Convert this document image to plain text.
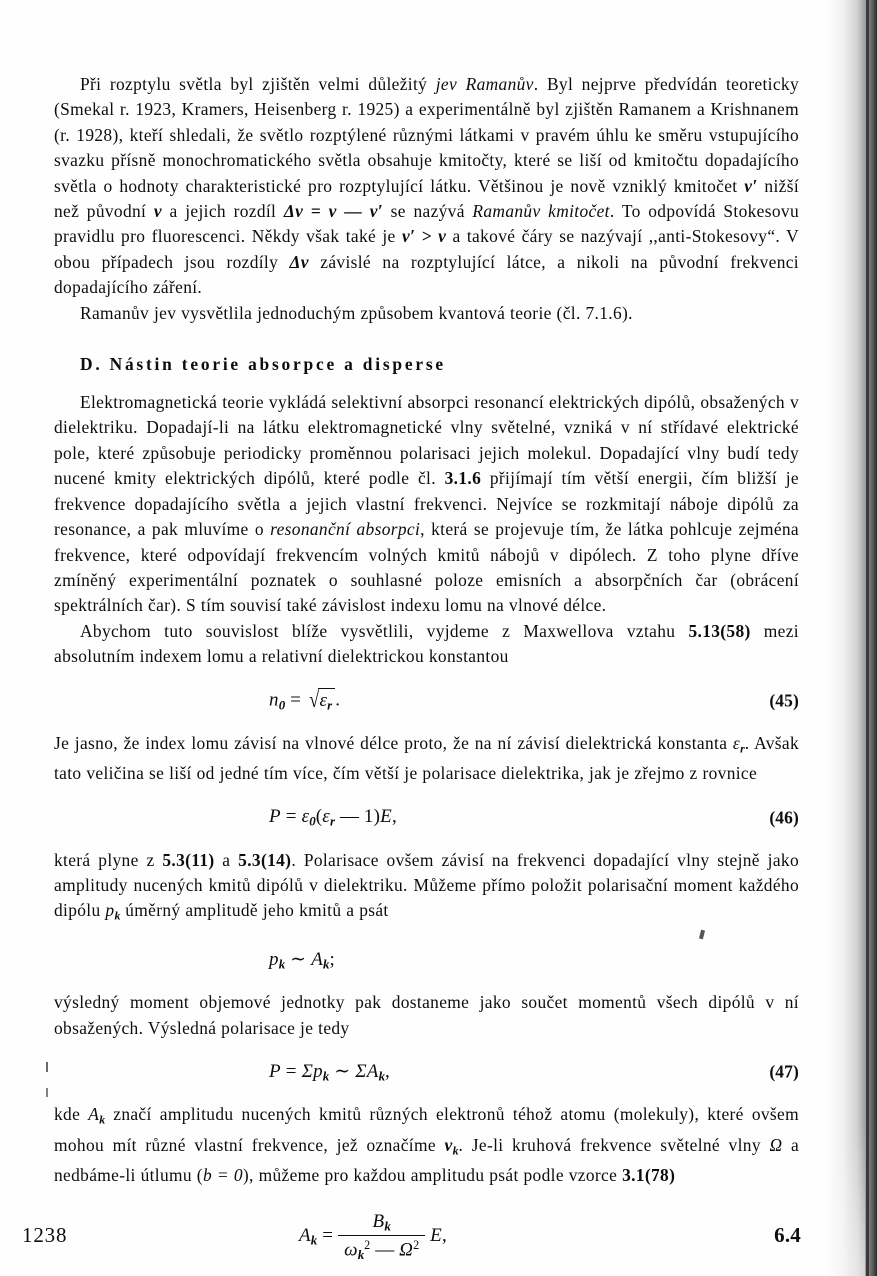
Při rozptylu světla byl zjištěn velmi důležitý jev Ramanův. Byl nejprve předvídán teoreticky (Smekal r. 1923, Kramers, Heisenberg r. 1925) a experimentálně byl zjištěn Ramanem a Krishnanem (r. 1928), kteří shledali, že světlo rozptýlené různými látkami v pravém úhlu ke směru vstupujícího svazku přísně monochromatického světla obsahuje kmitočty, které se liší od kmitočtu dopadajícího světla o hodnoty charakteristické pro rozptylující látku. Většinou je nově vzniklý kmitočet ν′ nižší než původní ν a jejich rozdíl Δν = ν — ν′ se nazývá Ramanův kmitočet. To odpovídá Stokesovu pravidlu pro fluorescenci. Někdy však také je ν′ > ν a takové čáry se nazývají ,,anti-Stokesovy“. V obou případech jsou rozdíly Δν závislé na rozptylující látce, a nikoli na původní frekvenci dopadajícího záření.

Ramanův jev vysvětlila jednoduchým způsobem kvantová teorie (čl. 7.1.6).

D. Nástin teorie absorpce a disperse

Elektromagnetická teorie vykládá selektivní absorpci resonancí elektrických dipólů, obsažených v dielektriku. Dopadají-li na látku elektromagnetické vlny světelné, vzniká v ní střídavé elektrické pole, které způsobuje periodicky proměnnou polarisaci jejich molekul. Dopadající vlny budí tedy nucené kmity elektrických dipólů, které podle čl. 3.1.6 přijímají tím větší energii, čím bližší je frekvence dopadajícího světla a jejich vlastní frekvenci. Nejvíce se rozkmitají náboje dipólů za resonance, a pak mluvíme o resonanční absorpci, která se projevuje tím, že látka pohlcuje zejména frekvence, které odpovídají frekvencím volných kmitů nábojů v dipólech. Z toho plyne dříve zmíněný experimentální poznatek o souhlasné poloze emisních a absorpčních čar (obrácení spektrálních čar). S tím souvisí také závislost indexu lomu na vlnové délce.

Abychom tuto souvislost blíže vysvětlili, vyjdeme z Maxwellova vztahu 5.13(58) mezi absolutním indexem lomu a relativní dielektrickou konstantou

$n_0 = √\varepsilon_r$ .	(45)

Je jasno, že index lomu závisí na vlnové délce proto, že na ní závisí dielektrická konstanta $\varepsilon_r$. Avšak tato veličina se liší od jedné tím více, čím větší je polarisace dielektrika, jak je zřejmo z rovnice

$P = \varepsilon_0(\varepsilon_r$ — 1)E,	(46)

která plyne z 5.3(11) a 5.3(14). Polarisace ovšem závisí na frekvenci dopadající vlny stejně jako amplitudy nucených kmitů dipólů v dielektriku. Můžeme přímo položit polarisační moment každého dipólu $p_k$ úměrný amplitudě jeho kmitů a psát

$p_k$ ∼ $A_k$;

výsledný moment objemové jednotky pak dostaneme jako součet momentů všech dipólů v ní obsažených. Výsledná polarisace je tedy

$P = \Sigma p_k$ ∼ $\Sigma A_k$,	(47)

kde $A_k$ značí amplitudu nucených kmitů různých elektronů téhož atomu (molekuly), které ovšem mohou mít různé vlastní frekvence, jež označíme $\nu_k$. Je-li kruhová frekvence světelné vlny Ω a nedbáme-li útlumu (b = 0), můžeme pro každou amplitudu psát podle vzorce 3.1(78)

$A_k = \frac{B_k}{\omega_k^2 — \Omega^2} E$,
1238	6.4
